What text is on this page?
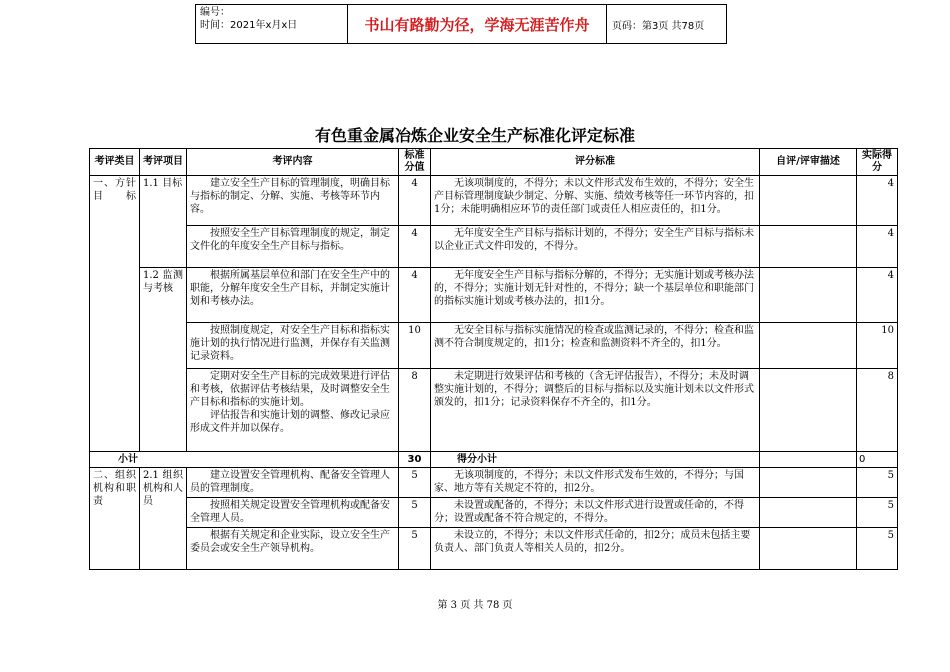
编号：
时间：2021年x月x日	书山有路勤为径，学海无涯苦作舟	页码：第3页 共78页
有色重金属冶炼企业安全生产标准化评定标准
考评类目	考评项目	考评内容	标准分值	评分标准	自评/评审描述	实际得分
一、方针目标	1.1 目标	建立安全生产目标的管理制度，明确目标与指标的制定、分解、实施、考核等环节内容。	4	无该项制度的，不得分；未以文件形式发布生效的，不得分；安全生产目标管理制度缺少制定、分解、实施、绩效考核等任一环节内容的，扣1分；未能明确相应环节的责任部门或责任人相应责任的，扣1分。		4
		按照安全生产目标管理制度的规定，制定文件化的年度安全生产目标与指标。	4	无年度安全生产目标与指标计划的，不得分；安全生产目标与指标未以企业正式文件印发的，不得分。		4
	1.2 监测与考核	根据所属基层单位和部门在安全生产中的职能，分解年度安全生产目标，并制定实施计划和考核办法。	4	无年度安全生产目标与指标分解的，不得分；无实施计划或考核办法的，不得分；实施计划无针对性的，不得分；缺一个基层单位和职能部门的指标实施计划或考核办法的，扣1分。		4
		按照制度规定，对安全生产目标和指标实施计划的执行情况进行监测，并保存有关监测记录资料。	10	无安全目标与指标实施情况的检查或监测记录的，不得分；检查和监测不符合制度规定的，扣1分；检查和监测资料不齐全的，扣1分。		10

		定期对安全生产目标的完成效果进行评估和考核，依据评估考核结果，及时调整安全生产目标和指标的实施计划。
评估报告和实施计划的调整、修改记录应形成文件并加以保存。	8	未定期进行效果评估和考核的（含无评估报告），不得分；未及时调整实施计划的，不得分；调整后的目标与指标以及实施计划未以文件形式颁发的，扣1分；记录资料保存不齐全的，扣1分。		8
小计			30	得分小计		0
二、组织机构和职责	2.1 组织机构和人员	建立设置安全管理机构、配备安全管理人员的管理制度。	5	无该项制度的，不得分；未以文件形式发布生效的，不得分；与国家、地方等有关规定不符的，扣2分。		5
		按照相关规定设置安全管理机构或配备安全管理人员。	5	未设置或配备的，不得分；未以文件形式进行设置或任命的，不得分；设置或配备不符合规定的，不得分。		5
		根据有关规定和企业实际，设立安全生产委员会或安全生产领导机构。	5	未设立的，不得分；未以文件形式任命的，扣2分；成员未包括主要负责人、部门负责人等相关人员的，扣2分。		5
第 3 页 共 78 页
